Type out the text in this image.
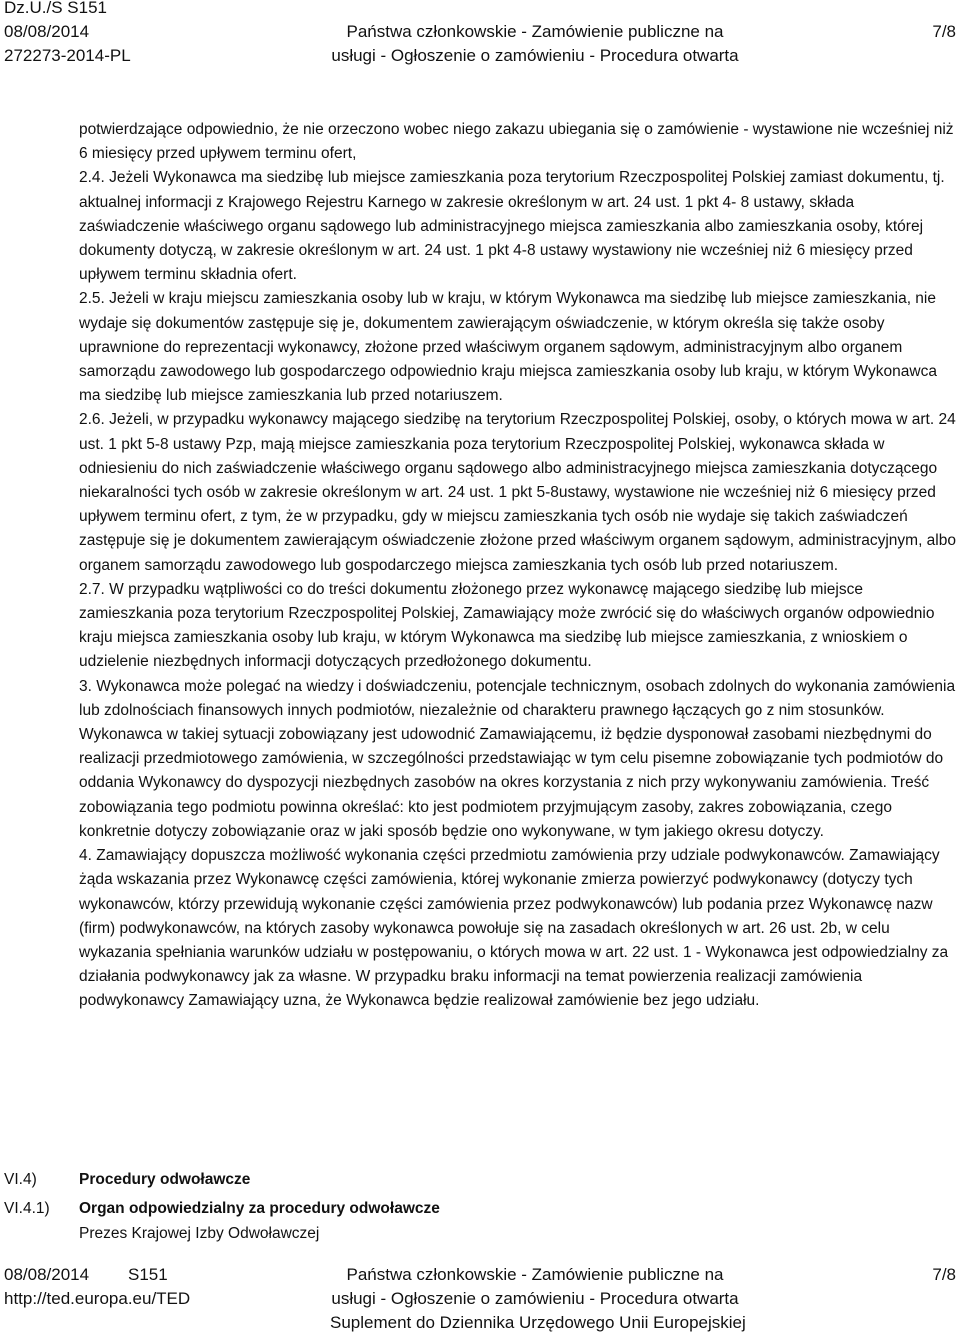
Dz.U./S S151
08/08/2014
272273-2014-PL
Państwa członkowskie - Zamówienie publiczne na
usługi - Ogłoszenie o zamówieniu - Procedura otwarta
7/8

potwierdzające odpowiednio, że nie orzeczono wobec niego zakazu ubiegania się o zamówienie - wystawione nie wcześniej niż 6 miesięcy przed upływem terminu ofert,

2.4. Jeżeli Wykonawca ma siedzibę lub miejsce zamieszkania poza terytorium Rzeczpospolitej Polskiej zamiast dokumentu, tj. aktualnej informacji z Krajowego Rejestru Karnego w zakresie określonym w art. 24 ust. 1 pkt 4- 8 ustawy, składa zaświadczenie właściwego organu sądowego lub administracyjnego miejsca zamieszkania albo zamieszkania osoby, której dokumenty dotyczą, w zakresie określonym w art. 24 ust. 1 pkt 4-8 ustawy wystawiony nie wcześniej niż 6 miesięcy przed upływem terminu składnia ofert.

2.5. Jeżeli w kraju miejscu zamieszkania osoby lub w kraju, w którym Wykonawca ma siedzibę lub miejsce zamieszkania, nie wydaje się dokumentów zastępuje się je, dokumentem zawierającym oświadczenie, w którym określa się także osoby uprawnione do reprezentacji wykonawcy, złożone przed właściwym organem sądowym, administracyjnym albo organem samorządu zawodowego lub gospodarczego odpowiednio kraju miejsca zamieszkania osoby lub kraju, w którym Wykonawca ma siedzibę lub miejsce zamieszkania lub przed notariuszem.

2.6. Jeżeli, w przypadku wykonawcy mającego siedzibę na terytorium Rzeczpospolitej Polskiej, osoby, o których mowa w art. 24 ust. 1 pkt 5-8 ustawy Pzp, mają miejsce zamieszkania poza terytorium Rzeczpospolitej Polskiej, wykonawca składa w odniesieniu do nich zaświadczenie właściwego organu sądowego albo administracyjnego miejsca zamieszkania dotyczącego niekaralności tych osób w zakresie określonym w art. 24 ust. 1 pkt 5-8ustawy, wystawione nie wcześniej niż 6 miesięcy przed upływem terminu ofert, z tym, że w przypadku, gdy w miejscu zamieszkania tych osób nie wydaje się takich zaświadczeń zastępuje się je dokumentem zawierającym oświadczenie złożone przed właściwym organem sądowym, administracyjnym, albo organem samorządu zawodowego lub gospodarczego miejsca zamieszkania tych osób lub przed notariuszem.

2.7. W przypadku wątpliwości co do treści dokumentu złożonego przez wykonawcę mającego siedzibę lub miejsce zamieszkania poza terytorium Rzeczpospolitej Polskiej, Zamawiający może zwrócić się do właściwych organów odpowiednio kraju miejsca zamieszkania osoby lub kraju, w którym Wykonawca ma siedzibę lub miejsce zamieszkania, z wnioskiem o udzielenie niezbędnych informacji dotyczących przedłożonego dokumentu.

3. Wykonawca może polegać na wiedzy i doświadczeniu, potencjale technicznym, osobach zdolnych do wykonania zamówienia lub zdolnościach finansowych innych podmiotów, niezależnie od charakteru prawnego łączących go z nim stosunków. Wykonawca w takiej sytuacji zobowiązany jest udowodnić Zamawiającemu, iż będzie dysponował zasobami niezbędnymi do realizacji przedmiotowego zamówienia, w szczególności przedstawiając w tym celu pisemne zobowiązanie tych podmiotów do oddania Wykonawcy do dyspozycji niezbędnych zasobów na okres korzystania z nich przy wykonywaniu zamówienia. Treść zobowiązania tego podmiotu powinna określać: kto jest podmiotem przyjmującym zasoby, zakres zobowiązania, czego konkretnie dotyczy zobowiązanie oraz w jaki sposób będzie ono wykonywane, w tym jakiego okresu dotyczy.

4. Zamawiający dopuszcza możliwość wykonania części przedmiotu zamówienia przy udziale podwykonawców. Zamawiający żąda wskazania przez Wykonawcę części zamówienia, której wykonanie zmierza powierzyć podwykonawcy (dotyczy tych wykonawców, którzy przewidują wykonanie części zamówienia przez podwykonawców) lub podania przez Wykonawcę nazw (firm) podwykonawców, na których zasoby wykonawca powołuje się na zasadach określonych w art. 26 ust. 2b, w celu wykazania spełniania warunków udziału w postępowaniu, o których mowa w art. 22 ust. 1 - Wykonawca jest odpowiedzialny za działania podwykonawcy jak za własne. W przypadku braku informacji na temat powierzenia realizacji zamówienia podwykonawcy Zamawiający uzna, że Wykonawca będzie realizował zamówienie bez jego udziału.

VI.4)	Procedury odwoławcze
VI.4.1) Organ odpowiedzialny za procedury odwoławcze
Prezes Krajowej Izby Odwoławczej
08/08/2014 S151
http://ted.europa.eu/TED
Państwa członkowskie - Zamówienie publiczne na
usługi - Ogłoszenie o zamówieniu - Procedura otwarta
Suplement do Dziennika Urzędowego Unii Europejskiej
7/8
